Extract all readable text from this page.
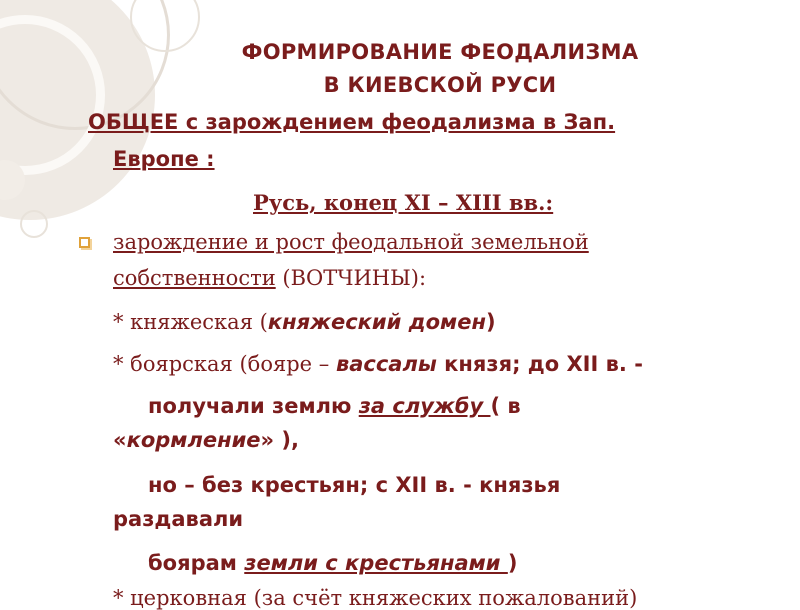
ФОРМИРОВАНИЕ ФЕОДАЛИЗМА
В КИЕВСКОЙ РУСИ
ОБЩЕЕ с зарождением феодализма в Зап.
Европе :
Русь, конец XI – XIII вв.:
зарождение и рост феодальной земельной
собственности (ВОТЧИНЫ):
* княжеская (княжеский домен)
* боярская (бояре – вассалы князя; до XII в. -
получали землю за службу ( в
«кормление» ),
но – без крестьян; с XII в. - князья
раздавали
боярам земли с крестьянами )
* церковная (за счёт княжеских пожалований)
